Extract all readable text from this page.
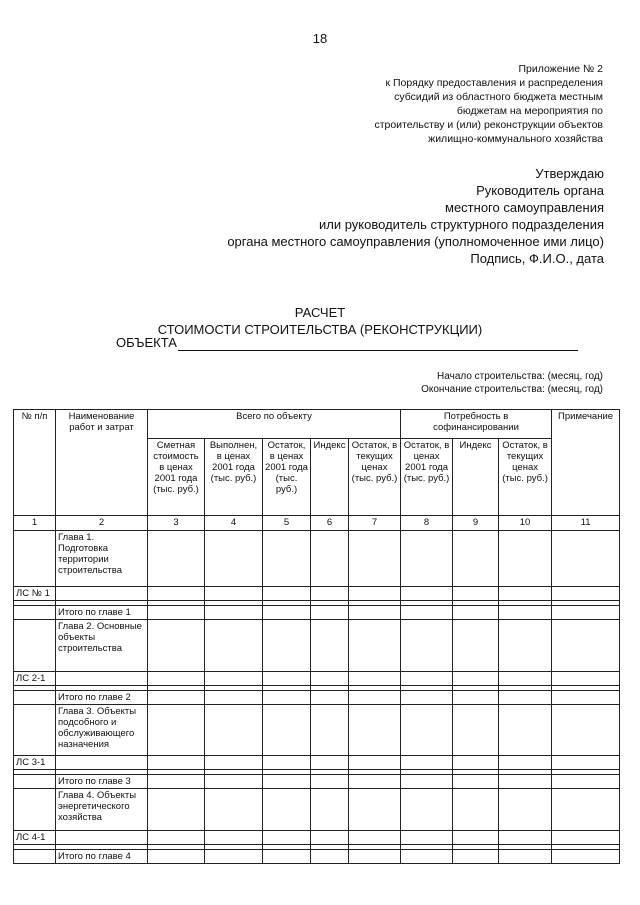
18
Приложение № 2
к Порядку предоставления и распределения
субсидий из областного бюджета местным
бюджетам на мероприятия по
строительству и (или) реконструкции объектов
жилищно-коммунального хозяйства
Утверждаю
Руководитель органа
местного самоуправления
или руководитель структурного подразделения
органа местного самоуправления (уполномоченное ими лицо)
Подпись, Ф.И.О., дата
РАСЧЕТ
СТОИМОСТИ СТРОИТЕЛЬСТВА (РЕКОНСТРУКЦИИ)
ОБЪЕКТА
Начало строительства: (месяц, год)
Окончание строительства: (месяц, год)
№ п/п	Наименование работ и затрат	Всего по объекту					Потребность в софинансировании			Примечание
		Сметная стоимость в ценах 2001 года (тыс. руб.)	Выполнен, в ценах 2001 года (тыс. руб.)	Остаток, в ценах 2001 года (тыс. руб.)	Индекс	Остаток, в текущих ценах (тыс. руб.)	Остаток, в ценах 2001 года (тыс. руб.)	Индекс	Остаток, в текущих ценах (тыс. руб.)	
1	2	3	4	5	6	7	8	9	10	11
	Глава 1. Подготовка территории строительства									
ЛС № 1										

	Итого по главе 1									
	Глава 2. Основные объекты строительства									
ЛС 2-1										

	Итого по главе 2									
	Глава 3. Объекты подсобного и обслуживающего назначения									
ЛС 3-1										

	Итого по главе 3									
	Глава 4. Объекты энергетического хозяйства									
ЛС 4-1										

	Итого по главе 4									
